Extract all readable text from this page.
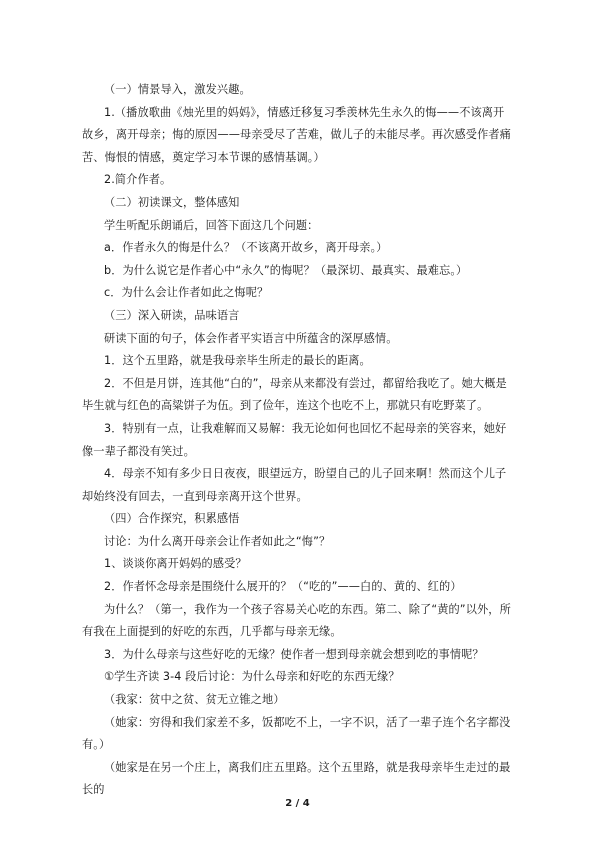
（一）情景导入，激发兴趣。

1.（播放歌曲《烛光里的妈妈》，情感迁移复习季羡林先生永久的悔——不该离开故乡，离开母亲；悔的原因——母亲受尽了苦难，做儿子的未能尽孝。再次感受作者痛苦、悔恨的情感，奠定学习本节课的感情基调。）

2.简介作者。

（二）初读课文，整体感知

学生听配乐朗诵后，回答下面这几个问题：

a．作者永久的悔是什么？（不该离开故乡，离开母亲。）

b．为什么说它是作者心中“永久”的悔呢？（最深切、最真实、最难忘。）

c．为什么会让作者如此之悔呢？

（三）深入研读，品味语言

研读下面的句子，体会作者平实语言中所蕴含的深厚感情。

1．这个五里路，就是我母亲毕生所走的最长的距离。

2．不但是月饼，连其他“白的”，母亲从来都没有尝过，都留给我吃了。她大概是毕生就与红色的高粱饼子为伍。到了俭年，连这个也吃不上，那就只有吃野菜了。

3．特别有一点，让我难解而又易解：我无论如何也回忆不起母亲的笑容来，她好像一辈子都没有笑过。

4．母亲不知有多少日日夜夜，眼望远方，盼望自己的儿子回来啊！然而这个儿子却始终没有回去，一直到母亲离开这个世界。

（四）合作探究，积累感悟

讨论：为什么离开母亲会让作者如此之“悔”？

1、谈谈你离开妈妈的感受？

2．作者怀念母亲是围绕什么展开的？（“吃的”——白的、黄的、红的）

为什么？（第一，我作为一个孩子容易关心吃的东西。第二、除了“黄的”以外，所有我在上面提到的好吃的东西，几乎都与母亲无缘。

3．为什么母亲与这些好吃的无缘？使作者一想到母亲就会想到吃的事情呢？

①学生齐读 3-4 段后讨论：为什么母亲和好吃的东西无缘？

（我家：贫中之贫、贫无立锥之地）

（她家：穷得和我们家差不多，饭都吃不上，一字不识，活了一辈子连个名字都没有。）

（她家是在另一个庄上，离我们庄五里路。这个五里路，就是我母亲毕生走过的最长的

2 / 4
